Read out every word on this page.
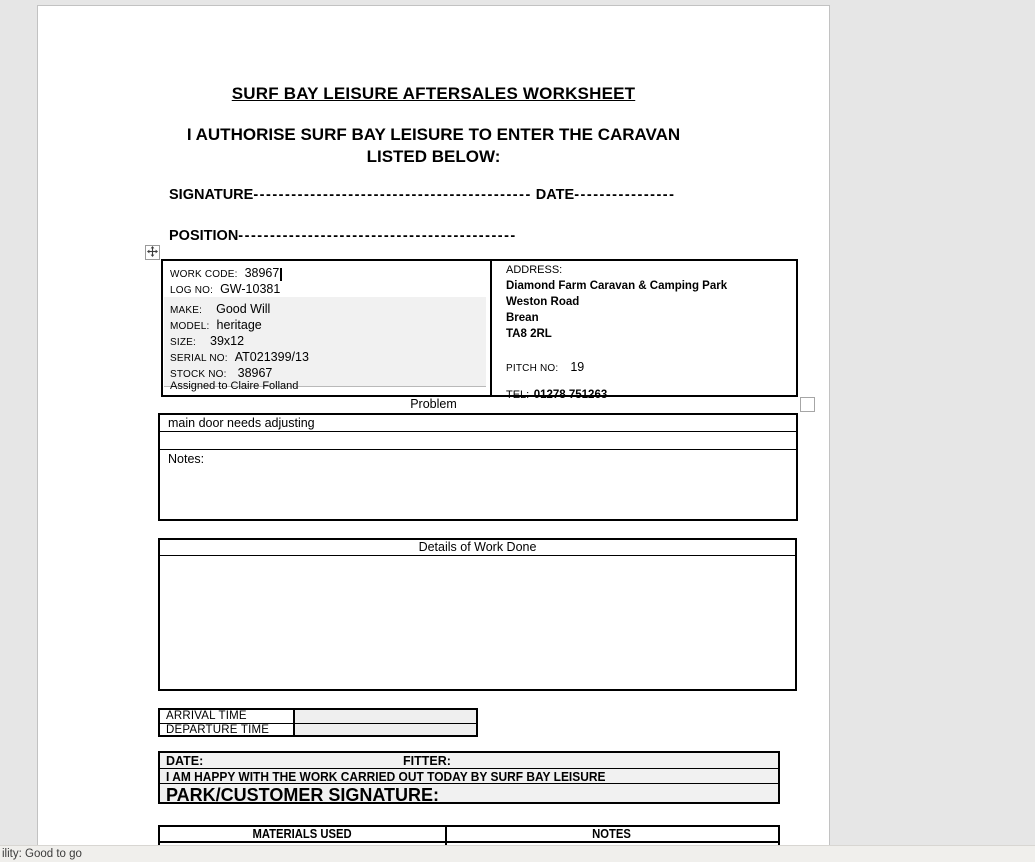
SURF BAY LEISURE AFTERSALES WORKSHEET
I AUTHORISE SURF BAY LEISURE TO ENTER THE CARAVAN
LISTED BELOW:
SIGNATURE-------------------------------------------- DATE----------------
POSITION--------------------------------------------
WORK CODE: 38967
LOG NO: GW-10381
MAKE: Good Will
MODEL: heritage
SIZE: 39x12
SERIAL NO: AT021399/13
STOCK NO: 38967
Assigned to Claire Folland
ADDRESS:
Diamond Farm Caravan & Camping Park
Weston Road
Brean
TA8 2RL
PITCH NO: 19
TEL: 01278 751263
Problem
main door needs adjusting
Notes:
Details of Work Done
ARRIVAL TIME
DEPARTURE TIME
DATE:	FITTER:
I AM HAPPY WITH THE WORK CARRIED OUT TODAY BY SURF BAY LEISURE
PARK/CUSTOMER SIGNATURE:
MATERIALS USED	NOTES
ility: Good to go
